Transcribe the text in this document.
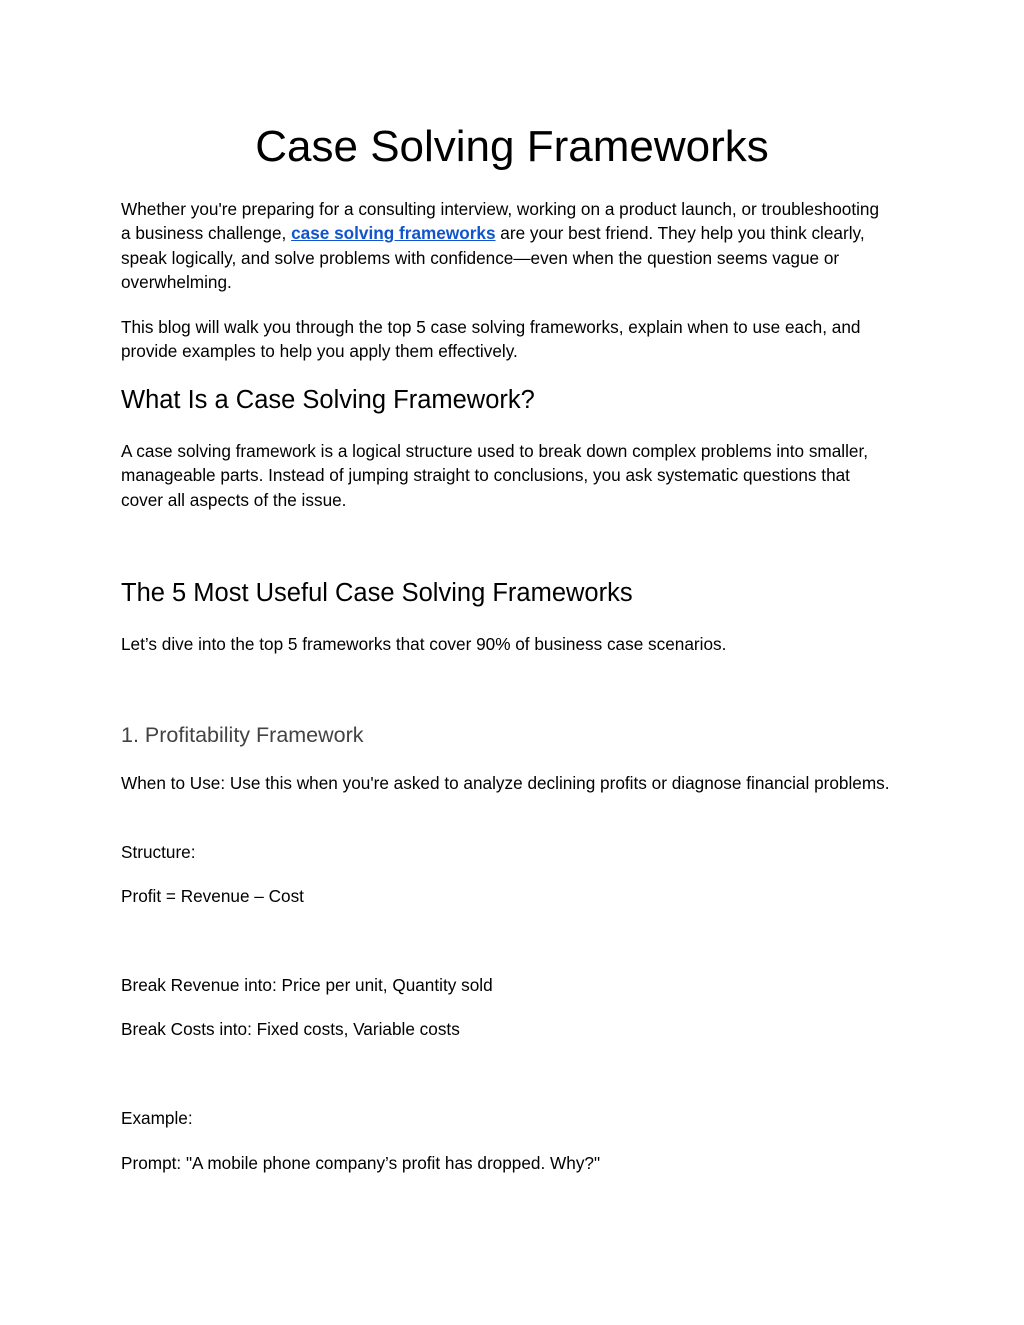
Case Solving Frameworks

Whether you're preparing for a consulting interview, working on a product launch, or troubleshooting a business challenge, case solving frameworks are your best friend. They help you think clearly, speak logically, and solve problems with confidence—even when the question seems vague or overwhelming.

This blog will walk you through the top 5 case solving frameworks, explain when to use each, and provide examples to help you apply them effectively.

What Is a Case Solving Framework?

A case solving framework is a logical structure used to break down complex problems into smaller, manageable parts. Instead of jumping straight to conclusions, you ask systematic questions that cover all aspects of the issue.

The 5 Most Useful Case Solving Frameworks

Let’s dive into the top 5 frameworks that cover 90% of business case scenarios.

1. Profitability Framework

When to Use: Use this when you're asked to analyze declining profits or diagnose financial problems.

Structure:

Profit = Revenue – Cost

Break Revenue into: Price per unit, Quantity sold

Break Costs into: Fixed costs, Variable costs

Example:

Prompt: "A mobile phone company’s profit has dropped. Why?"
